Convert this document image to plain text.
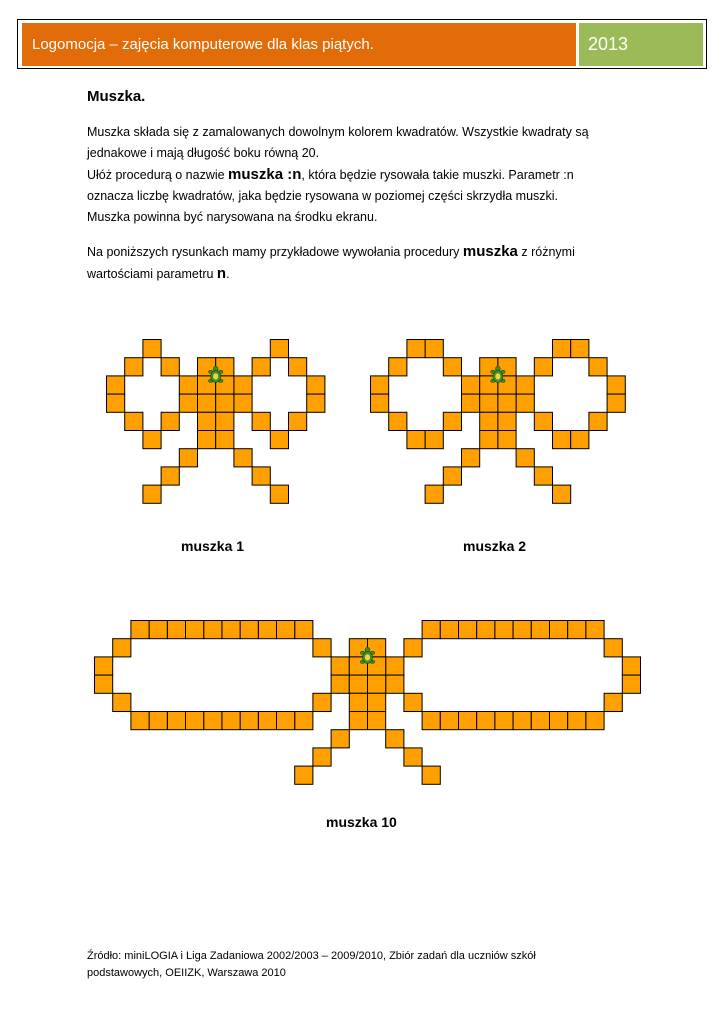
Logomocja – zajęcia komputerowe dla klas piątych.	2013
Muszka.
Muszka składa się z zamalowanych dowolnym kolorem kwadratów. Wszystkie kwadraty są
jednakowe i mają długość boku równą 20.
Ułóż procedurą o nazwie muszka :n, która będzie rysowała takie muszki. Parametr :n
oznacza liczbę kwadratów, jaka będzie rysowana w poziomej części skrzydła muszki.
Muszka powinna być narysowana na środku ekranu.
Na poniższych rysunkach mamy przykładowe wywołania procedury muszka z różnymi
wartościami parametru n.
muszka 1	muszka 2
muszka 10
Źródło: miniLOGIA i Liga Zadaniowa 2002/2003 – 2009/2010, Zbiór zadań dla uczniów szkół
podstawowych, OEIIZK, Warszawa 2010
